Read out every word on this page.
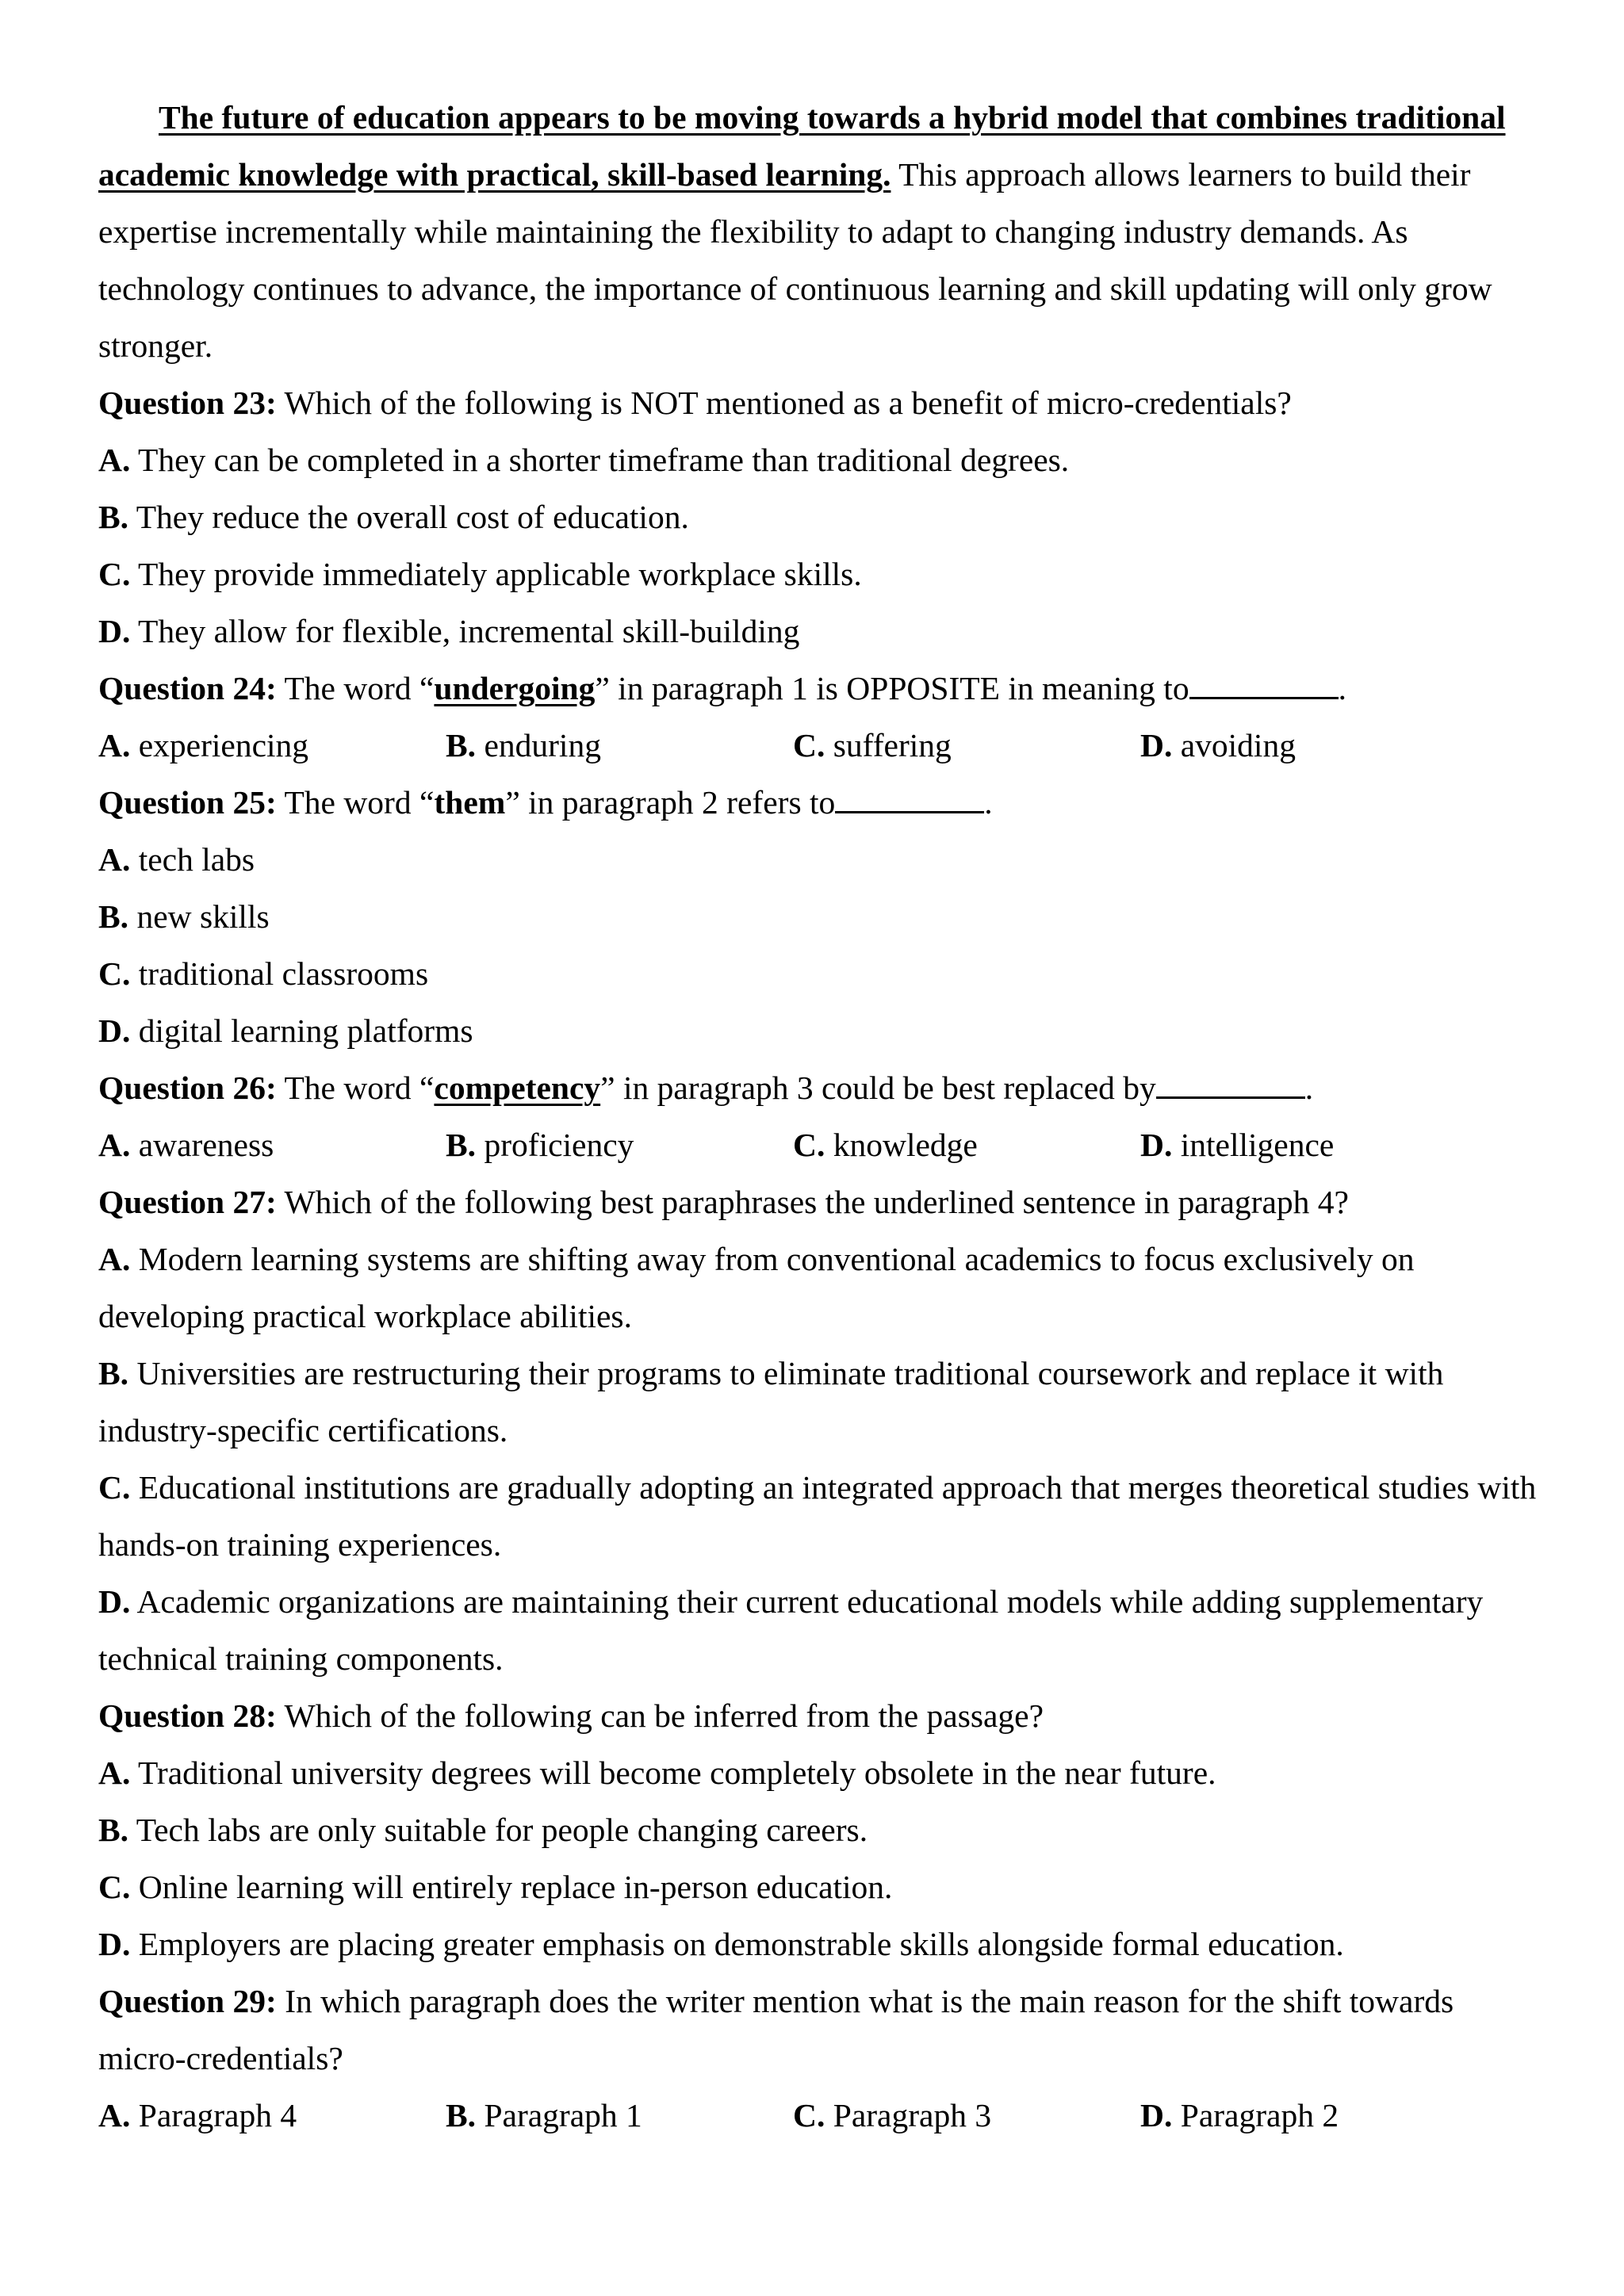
The future of education appears to be moving towards a hybrid model that combines traditional academic knowledge with practical, skill-based learning. This approach allows learners to build their expertise incrementally while maintaining the flexibility to adapt to changing industry demands. As technology continues to advance, the importance of continuous learning and skill updating will only grow stronger.

Question 23: Which of the following is NOT mentioned as a benefit of micro-credentials?

A. They can be completed in a shorter timeframe than traditional degrees.

B. They reduce the overall cost of education.

C. They provide immediately applicable workplace skills.

D. They allow for flexible, incremental skill-building

Question 24: The word “undergoing” in paragraph 1 is OPPOSITE in meaning to	.

A. experiencing	B. enduring	C. suffering	D. avoiding

Question 25: The word “them” in paragraph 2 refers to	.

A. tech labs

B. new skills

C. traditional classrooms

D. digital learning platforms

Question 26: The word “competency” in paragraph 3 could be best replaced by	.

A. awareness	B. proficiency	C. knowledge	D. intelligence

Question 27: Which of the following best paraphrases the underlined sentence in paragraph 4?

A. Modern learning systems are shifting away from conventional academics to focus exclusively on developing practical workplace abilities.

B. Universities are restructuring their programs to eliminate traditional coursework and replace it with industry-specific certifications.

C. Educational institutions are gradually adopting an integrated approach that merges theoretical studies with hands-on training experiences.

D. Academic organizations are maintaining their current educational models while adding supplementary technical training components.

Question 28: Which of the following can be inferred from the passage?

A. Traditional university degrees will become completely obsolete in the near future.

B. Tech labs are only suitable for people changing careers.

C. Online learning will entirely replace in-person education.

D. Employers are placing greater emphasis on demonstrable skills alongside formal education.

Question 29: In which paragraph does the writer mention what is the main reason for the shift towards micro-credentials?

A. Paragraph 4	B. Paragraph 1	C. Paragraph 3	D. Paragraph 2
